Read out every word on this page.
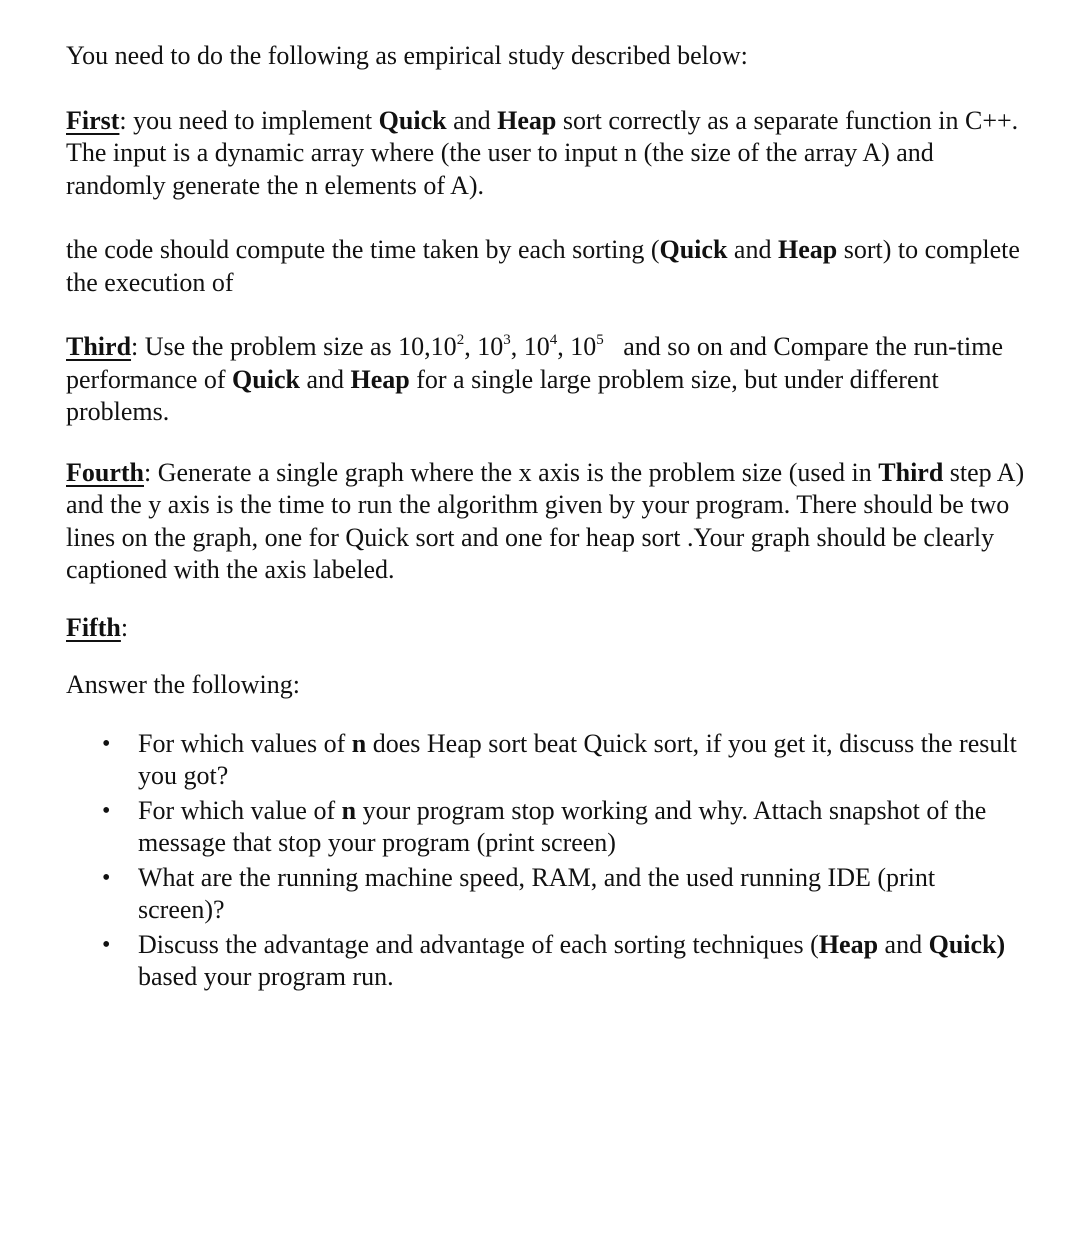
You need to do the following as empirical study described below:

First: you need to implement Quick and Heap sort correctly as a separate function in C++. The input is a dynamic array where (the user to input n (the size of the array A) and randomly generate the n elements of A).

the code should compute the time taken by each sorting (Quick and Heap sort) to complete the execution of

Third: Use the problem size as 10,10$^2$, $10^3$, $10^4$, $10^5$   and so on and Compare the run-time performance of Quick and Heap for a single large problem size, but under different problems.

Fourth: Generate a single graph where the x axis is the problem size (used in Third step A) and the y axis is the time to run the algorithm given by your program. There should be two lines on the graph, one for Quick sort and one for heap sort .Your graph should be clearly captioned with the axis labeled.

Fifth:

Answer the following:

• For which values of n does Heap sort beat Quick sort, if you get it, discuss the result you got?
• For which value of n your program stop working and why. Attach snapshot of the message that stop your program (print screen)
• What are the running machine speed, RAM, and the used running IDE (print screen)?
• Discuss the advantage and advantage of each sorting techniques (Heap and Quick) based your program run.
